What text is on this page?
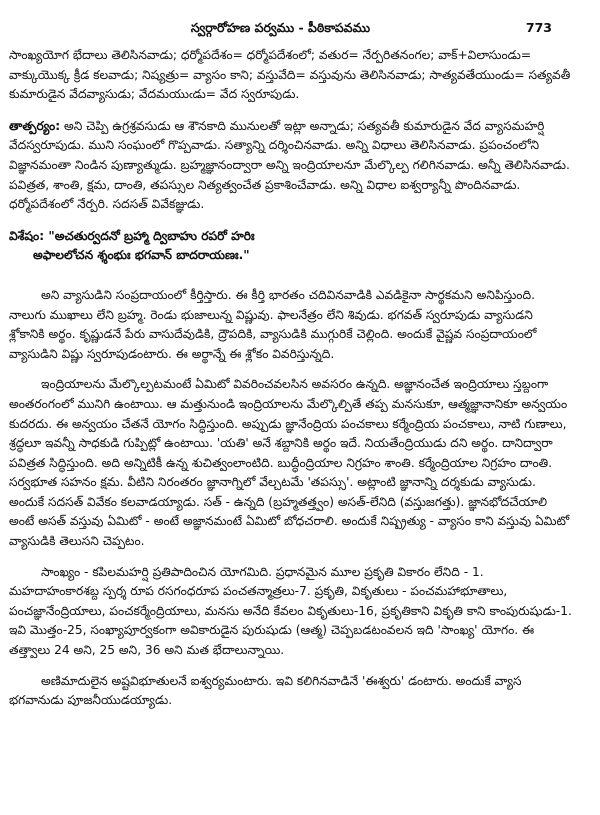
స్వర్గారోహణ పర్వము - పీఠికాపవము	773

సాంఖ్యయోగ భేదాలు తెలిసినవాడు; ధర్మోపదేశం= ధర్మోపదేశంలో; వతుర= నేర్పరితనంగల; వాక్+విలాసుండు= వాక్కుయొక్క క్రీడ కలవాడు; నిష్యత్రు= వ్యాసం కాని; వస్తువేది= వస్తువును తెలిసినవాడు; సాత్యవతేయుండు= సత్యవతీ కుమారుడైన వేదవ్యాసుడు; వేదమయుఁడు= వేద స్వరూపుడు.

తాత్పర్యం: అని చెప్పి ఉగ్రశ్రవసుడు ఆ శౌనకాది మునులతో ఇట్లా అన్నాడు; సత్యవతీ కుమారుడైన వేద వ్యాసమహర్షి వేదస్వరూపుడు. ముని సంఘంలో గొప్పవాడు. సత్యాన్ని దర్శించినవాడు. అన్ని విధాలు తెలిసినవాడు. ప్రపంచంలోని విజ్ఞానమంతా నిండిన పుణ్యాత్ముడు. బ్రహ్మజ్ఞానంద్వారా అన్ని ఇంద్రియాలనూ మేల్కొల్ప గలిగినవాడు. అన్నీ తెలిసినవాడు. పవిత్రత, శాంతి, క్షమ, దాంతి, తపస్సుల నిత్యత్వంచేత ప్రకాశించేవాడు. అన్ని విధాల ఐశ్వర్యాన్నీ పొందినవాడు. ధర్మోపదేశంలో నేర్పరి. సదసత్ వివేకజ్ఞుడు.

విశేషం: "అచతుర్వదనో బ్రహ్మా ద్విబాహు రపరో హరిః

అఫాలలోచన శ్శంభుః భగవాన్ బాదరాయణః."

అని వ్యాసుడిని సంప్రదాయంలో కీర్తిస్తారు. ఈ కీర్తి భారతం చదివినవాడికి ఎవడికైనా సార్థకమని అనిపిస్తుంది. నాలుగు ముఖాలు లేని బ్రహ్మ. రెండు భుజాలున్న విష్ణువు. ఫాలనేత్రం లేని శివుడు. భగవత్ స్వరూపుడు వ్యాసుడని శ్లోకానికి అర్థం. కృష్ణుడనే పేరు వాసుదేవుడికి, ద్రౌపదికి, వ్యాసుడికి ముగ్గురికే చెల్లింది. అందుకే వైష్ణవ సంప్రదాయంలో వ్యాసుడిని విష్ణు స్వరూపుడంటారు. ఈ అర్థాన్నే ఈ శ్లోకం వివరిస్తున్నది.

ఇంద్రియాలను మేల్కొల్పటమంటే ఏమిటో వివరించవలసిన అవసరం ఉన్నది. అజ్ఞానంచేత ఇంద్రియాలు స్తబ్దంగా అంతరంగంలో మునిగి ఉంటాయి. ఆ మత్తునుండి ఇంద్రియాలను మేల్కొల్పితే తప్ప మనసుకూ, ఆత్మజ్ఞానానికూ అన్వయం కుదరదు. ఈ అన్వయం చేతనే యోగం సిద్ధిస్తుంది. అప్పుడు జ్ఞానేంద్రియ పంచకాలు కర్మేంద్రియ పంచకాలు, నాటి గుణాలు, శ్రద్ధలూ ఇవన్నీ సాధకుడి గుప్పిట్లో ఉంటాయి. 'యతి' అనే శబ్దానికి అర్థం ఇదే. నియతేంద్రియుడు దని అర్థం. దానిద్వారా పవిత్రత సిద్ధిస్తుంది. అది అన్నిటికీ ఉన్న శుచిత్వంలాంటిది. బుద్ధీంద్రియాల నిగ్రహం శాంతి. కర్మేంద్రియాల నిగ్రహం దాంతి. సర్వభూత సహనం క్షమ. వీటిని నిరంతరం జ్ఞానాగ్నిలో వేల్చటమే 'తపస్సు'. అట్లాంటి జ్ఞానాన్ని దర్శకుడు వ్యాసుడు. అందుకే సదసత్ వివేకం కలవాడయ్యాడు. సత్ - ఉన్నది (బ్రహ్మతత్త్వం) అసత్-లేనిది (వస్తుజగత్తు). జ్ఞానభోదచేయాలి అంటే అసత్ వస్తువు ఏమిటో - అంటే అజ్ఞానమంటే ఏమిటో బోధచరాలి. అందుకే నిష్ప్రత్యు - వ్యాసం కాని వస్తువు ఏమిటో వ్యాసుడికి తెలుసని చెప్పటం.

సాంఖ్యం - కపిలమహర్షి ప్రతిపాదించిన యోగమిది. ప్రధానమైన మూల ప్రకృతి వికారం లేనిది - 1. మహదాహంకారశబ్ద స్పర్శ రూప రసగంధరూప పంచతన్మాత్రలు-7. ప్రకృతి, వికృతులు - పంచమహాభూతాలు, పంచజ్ఞానేంద్రియాలు, పంచకర్మేంద్రియాలు, మనసు అనేది కేవలం వికృతులు-16, ప్రకృతికాని వికృతి కాని కాంపురుషుడు-1. ఇవి మొత్తం-25, సంఖ్యాపూర్వకంగా అవికారుడైన పురుషుడు (ఆత్మ) చెప్పబడటంవలన ఇది 'సాంఖ్య' యోగం. ఈ తత్త్వాలు 24 అని, 25 అని, 36 అని మత భేదాలున్నాయి.

అణిమాదులైన అష్టవిభూతులనే ఐశ్వర్యమంటారు. ఇవి కలిగినవాడినే 'ఈశ్వరు' డంటారు. అందుకే వ్యాస భగవానుడు పూజనీయుడయ్యాడు.
